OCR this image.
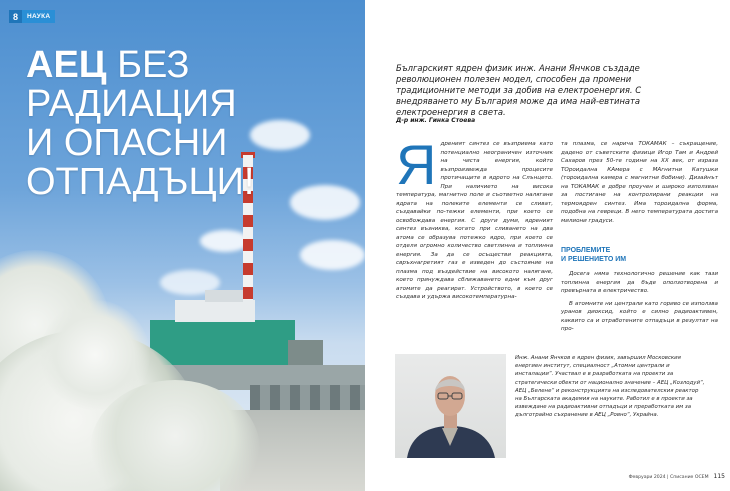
8	НАУКА
АЕЦ БЕЗ
РАДИАЦИЯ
И ОПАСНИ
ОТПАДЪЦИ!

Българският ядрен физик инж. Анани Янчков създаде революционен полезен модел, способен да промени традиционните методи за добив на електроенергия. С внедряването му България може да има най-евтината електроенергия в света.

Д-р инж. Гинка Стоева

Я дреният синтез се възприема като потенциално неограничен източник на чиста енергия, който възпроизвежда процесите протичащите в ядрото на Слънцето. При наличието на висока температура, магнитно поле и съответно налягане ядрата на полеките елементи се сливат, създавайки по-тежки елементи, при което се освобождава енергия. С други думи, ядреният синтез възниква, когато при сливането на два атома се образува потежко ядро, при което се отделя огромно количество светлинна и топлинна енергия. За да се осъществи реакцията, свръхнагретият газ е изведен до състояние на плазма под въздействие на високото налягане, което принуждава сближаването едни към друг атомите да реагират. Устройството, в което се създава и удържа високотемпературна-
та плазма, се нарича ТОКАМАК – съкращение, дадено от съветските физици Игор Там и Андрей Сахаров през 50-те години на ХХ век, от израза ТОроидална КАмера с МАгнитни Катушки (тороидална камера с магнитни бобини). Дизайнът на ТОКАМАК е добре проучен и широко използван за постигане на контролирани реакции на термоядрен синтез. Има тороидална форма, подобна на гевреци. В него температурата достига милиони градуси.
ПРОБЛЕМИТЕ
И РЕШЕНИЕТО ИМ

Досега няма технологично решение как тази топлинна енергия да бъде оползотворена и превърната в електричество.

В атомните ни централи като гориво се използва уранов диоксид, който е силно радиоактивен, каквито са и отработените отпадъци в резултат на про-

Инж. Анани Янчков е ядрен физик, завършил Московския енергиен институт, специалност „Атомни централи и инсталации“. Участвал е в разработката на проекти за стратегически обекти от национално значение – АЕЦ „Козлодуй“, АЕЦ „Белене“ и реконструкцията на изследователския реактор на Българската академия на науките. Работил е в проекти за извеждане на радиоактивни отпадъци и преработката им за дълготрайно съхранение в АЕЦ „Ровно“, Украйна.

Февруари 2024 | Списание ОСЕМ 115
